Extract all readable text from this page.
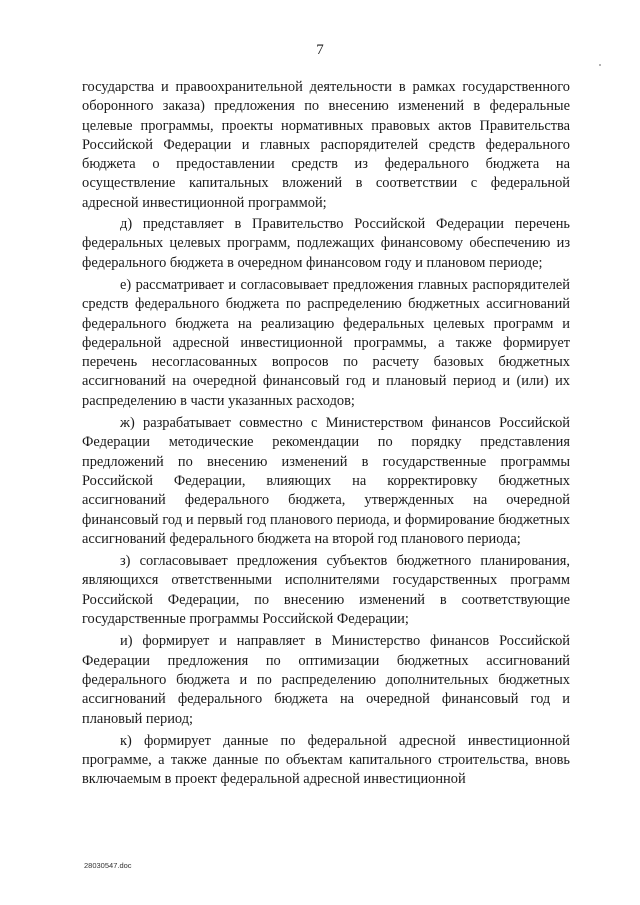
7

государства и правоохранительной деятельности в рамках государственного оборонного заказа) предложения по внесению изменений в федеральные целевые программы, проекты нормативных правовых актов Правительства Российской Федерации и главных распорядителей средств федерального бюджета о предоставлении средств из федерального бюджета на осуществление капитальных вложений в соответствии с федеральной адресной инвестиционной программой;

д) представляет в Правительство Российской Федерации перечень федеральных целевых программ, подлежащих финансовому обеспечению из федерального бюджета в очередном финансовом году и плановом периоде;

е) рассматривает и согласовывает предложения главных распорядителей средств федерального бюджета по распределению бюджетных ассигнований федерального бюджета на реализацию федеральных целевых программ и федеральной адресной инвестиционной программы, а также формирует перечень несогласованных вопросов по расчету базовых бюджетных ассигнований на очередной финансовый год и плановый период и (или) их распределению в части указанных расходов;

ж) разрабатывает совместно с Министерством финансов Российской Федерации методические рекомендации по порядку представления предложений по внесению изменений в государственные программы Российской Федерации, влияющих на корректировку бюджетных ассигнований федерального бюджета, утвержденных на очередной финансовый год и первый год планового периода, и формирование бюджетных ассигнований федерального бюджета на второй год планового периода;

з) согласовывает предложения субъектов бюджетного планирования, являющихся ответственными исполнителями государственных программ Российской Федерации, по внесению изменений в соответствующие государственные программы Российской Федерации;

и) формирует и направляет в Министерство финансов Российской Федерации предложения по оптимизации бюджетных ассигнований федерального бюджета и по распределению дополнительных бюджетных ассигнований федерального бюджета на очередной финансовый год и плановый период;

к) формирует данные по федеральной адресной инвестиционной программе, а также данные по объектам капитального строительства, вновь включаемым в проект федеральной адресной инвестиционной

28030547.doc
